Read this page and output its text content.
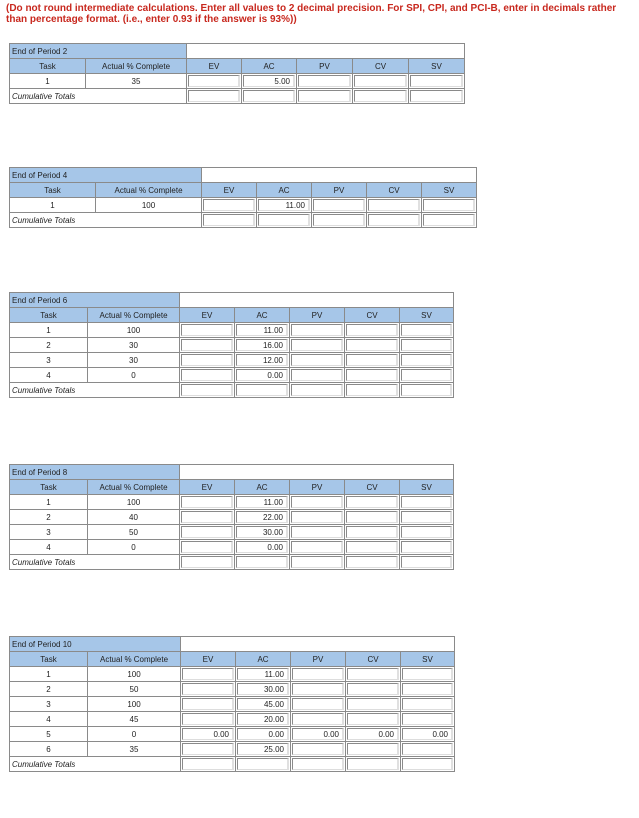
(Do not round intermediate calculations. Enter all values to 2 decimal precision. For SPI, CPI, and PCI-B, enter in decimals rather than percentage format. (i.e., enter 0.93 if the answer is 93%))
End of Period 2						
Task	Actual % Complete	EV	AC	PV	CV	SV
1	35		5.00			

Cumulative Totals		

End of Period 4						
Task	Actual % Complete	EV	AC	PV	CV	SV
1	100		11.00			

Cumulative Totals		

End of Period 6						
Task	Actual % Complete	EV	AC	PV	CV	SV
1	100		11.00			

2	30		16.00			

3	30		12.00			

4	0		0.00			

Cumulative Totals		

End of Period 8						
Task	Actual % Complete	EV	AC	PV	CV	SV
1	100		11.00			

2	40		22.00			

3	50		30.00			

4	0		0.00			

Cumulative Totals		

End of Period 10						
Task	Actual % Complete	EV	AC	PV	CV	SV
1	100		11.00			

2	50		30.00			

3	100		45.00			

4	45		20.00			

5	0	0.00	0.00	0.00	0.00	0.00

6	35		25.00			

Cumulative Totals		
